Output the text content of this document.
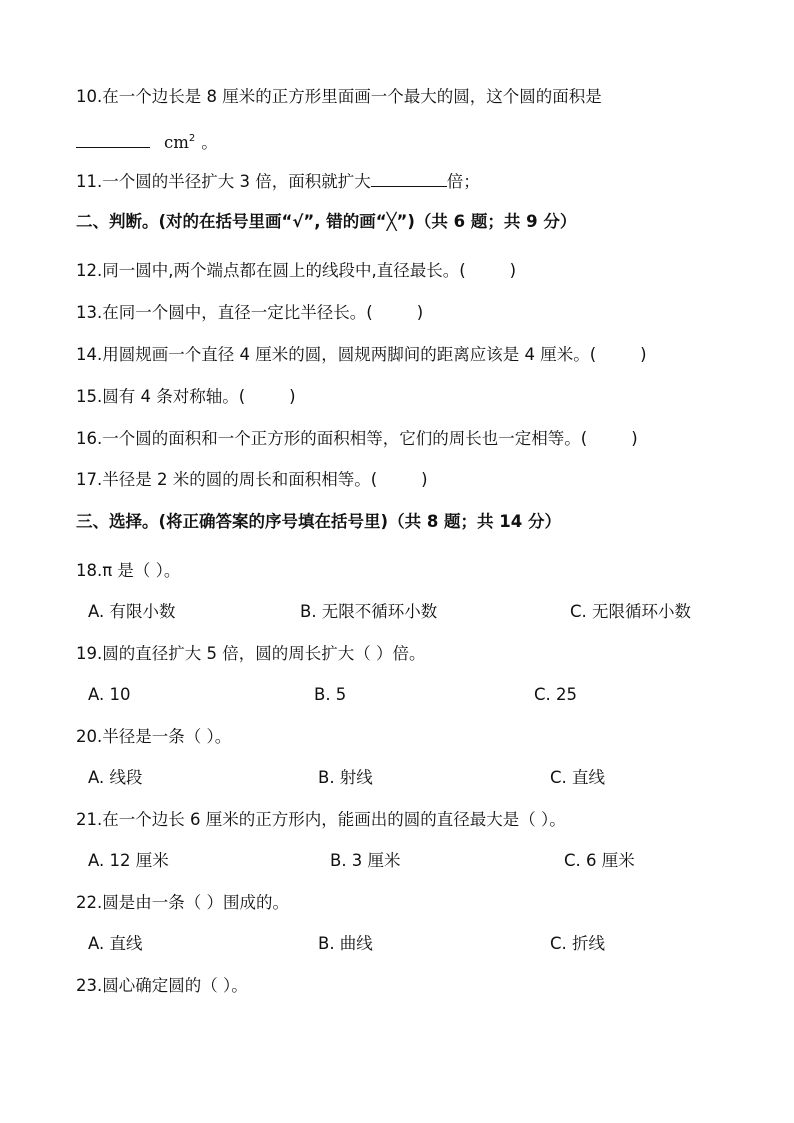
10.在一个边长是 8 厘米的正方形里面画一个最大的圆，这个圆的面积是
$cm^2$ 。
11.一个圆的半径扩大 3 倍，面积就扩大	倍；
二、判断。(对的在括号里画“√”, 错的画“╳”)（共 6 题；共 9 分）
12.同一圆中,两个端点都在圆上的线段中,直径最长。(	)
13.在同一个圆中，直径一定比半径长。(	)
14.用圆规画一个直径 4 厘米的圆，圆规两脚间的距离应该是 4 厘米。(	)
15.圆有 4 条对称轴。(	)
16.一个圆的面积和一个正方形的面积相等，它们的周长也一定相等。(	)
17.半径是 2 米的圆的周长和面积相等。(	)
三、选择。(将正确答案的序号填在括号里)（共 8 题；共 14 分）
18.π 是（ ）。
A. 有限小数	B. 无限不循环小数	C. 无限循环小数
19.圆的直径扩大 5 倍，圆的周长扩大（ ）倍。
A. 10	B. 5	C. 25
20.半径是一条（ ）。
A. 线段	B. 射线	C. 直线
21.在一个边长 6 厘米的正方形内，能画出的圆的直径最大是（ ）。
A. 12 厘米	B. 3 厘米	C. 6 厘米
22.圆是由一条（ ）围成的。
A. 直线	B. 曲线	C. 折线
23.圆心确定圆的（ ）。
